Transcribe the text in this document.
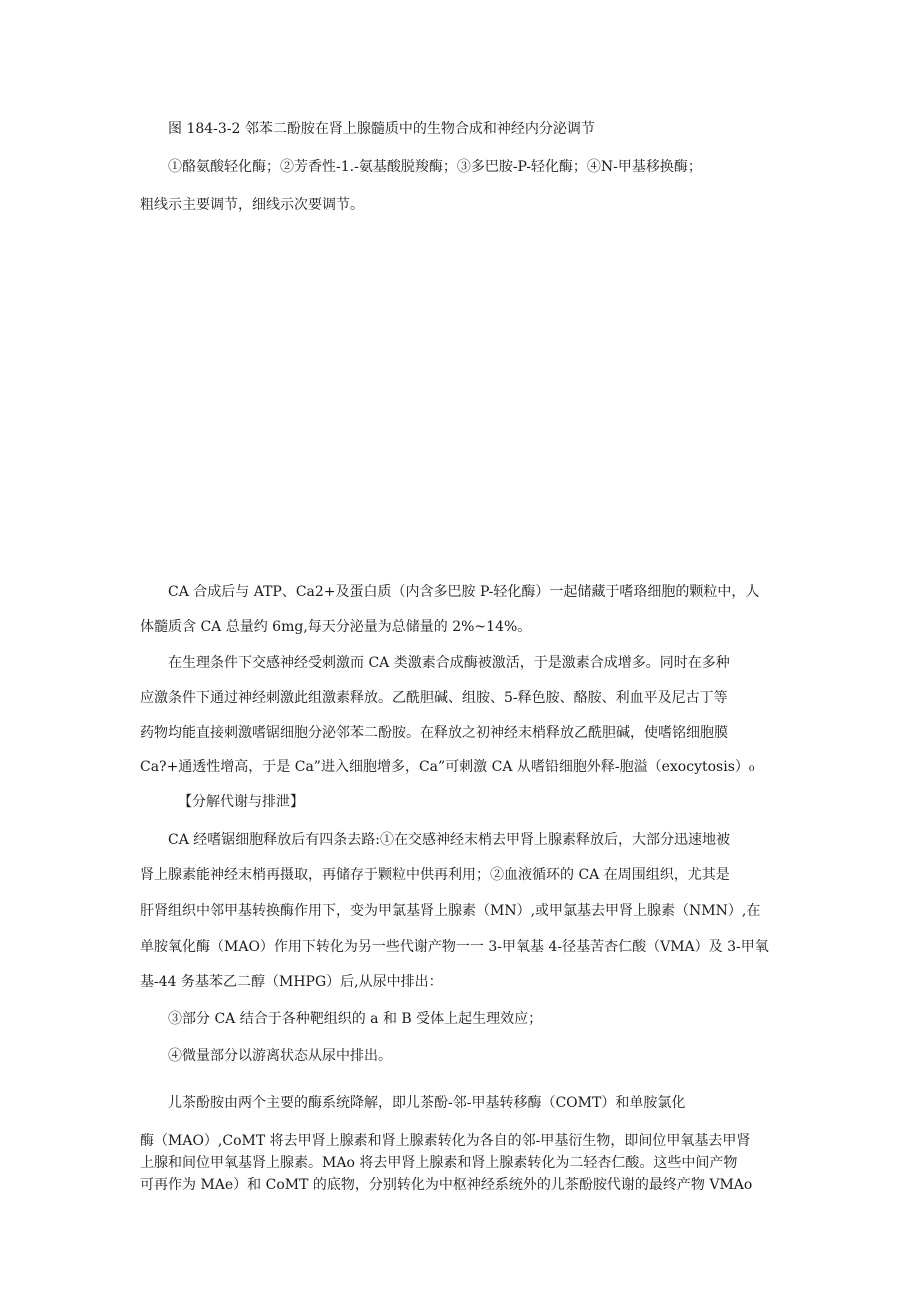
图 184-3-2 邻苯二酚胺在肾上腺髓质中的生物合成和神经内分泌调节
①酪氨酸轻化酶；②芳香性-1.-氨基酸脱羧酶；③多巴胺-P-轻化酶；④N-甲基移换酶；
粗线示主要调节，细线示次要调节。
CA 合成后与 ATP、Ca2+及蛋白质（内含多巴胺 P-轻化酶）一起储藏于嗜珞细胞的颗粒中，人
体髓质含 CA 总量约 6mg,每天分泌量为总储量的 2%~14%。
在生理条件下交感神经受刺激而 CA 类激素合成酶被激活，于是激素合成增多。同时在多种
应激条件下通过神经刺激此组激素释放。乙酰胆碱、组胺、5-释色胺、酪胺、利血平及尼古丁等
药物均能直接刺激嗜锯细胞分泌邻苯二酚胺。在释放之初神经末梢释放乙酰胆碱，使嗜铭细胞膜
Ca?+通透性增高，于是 Ca”进入细胞增多，Ca”可刺激 CA 从嗜铅细胞外释-胞溢（exocytosis）₀
【分解代谢与排泄】
CA 经嗜锯细胞释放后有四条去路:①在交感神经末梢去甲肾上腺素释放后，大部分迅速地被
肾上腺素能神经末梢再摄取，再储存于颗粒中供再利用；②血液循环的 CA 在周围组织，尤其是
肝肾组织中邻甲基转换酶作用下，变为甲氯基肾上腺素（MN）,或甲氯基去甲肾上腺素（NMN）,在
单胺氧化酶（MAO）作用下转化为另一些代谢产物一一 3-甲氧基 4-径基苦杏仁酸（VMA）及 3-甲氧
基-44 务基苯乙二醇（MHPG）后,从尿中排出：
③部分 CA 结合于各种靶组织的 a 和 B 受体上起生理效应；
④微量部分以游离状态从尿中排出。
儿茶酚胺由两个主要的酶系统降解，即儿茶酚-邻-甲基转移酶（COMT）和单胺氯化
酶（MAO）,CoMT 将去甲肾上腺素和肾上腺素转化为各自的邻-甲基衍生物，即间位甲氧基去甲肾
上腺和间位甲氧基肾上腺素。MAo 将去甲肾上腺素和肾上腺素转化为二轻杏仁酸。这些中间产物
可再作为 MAe）和 CoMT 的底物，分别转化为中枢神经系统外的儿茶酚胺代谢的最终产物 VMAo
